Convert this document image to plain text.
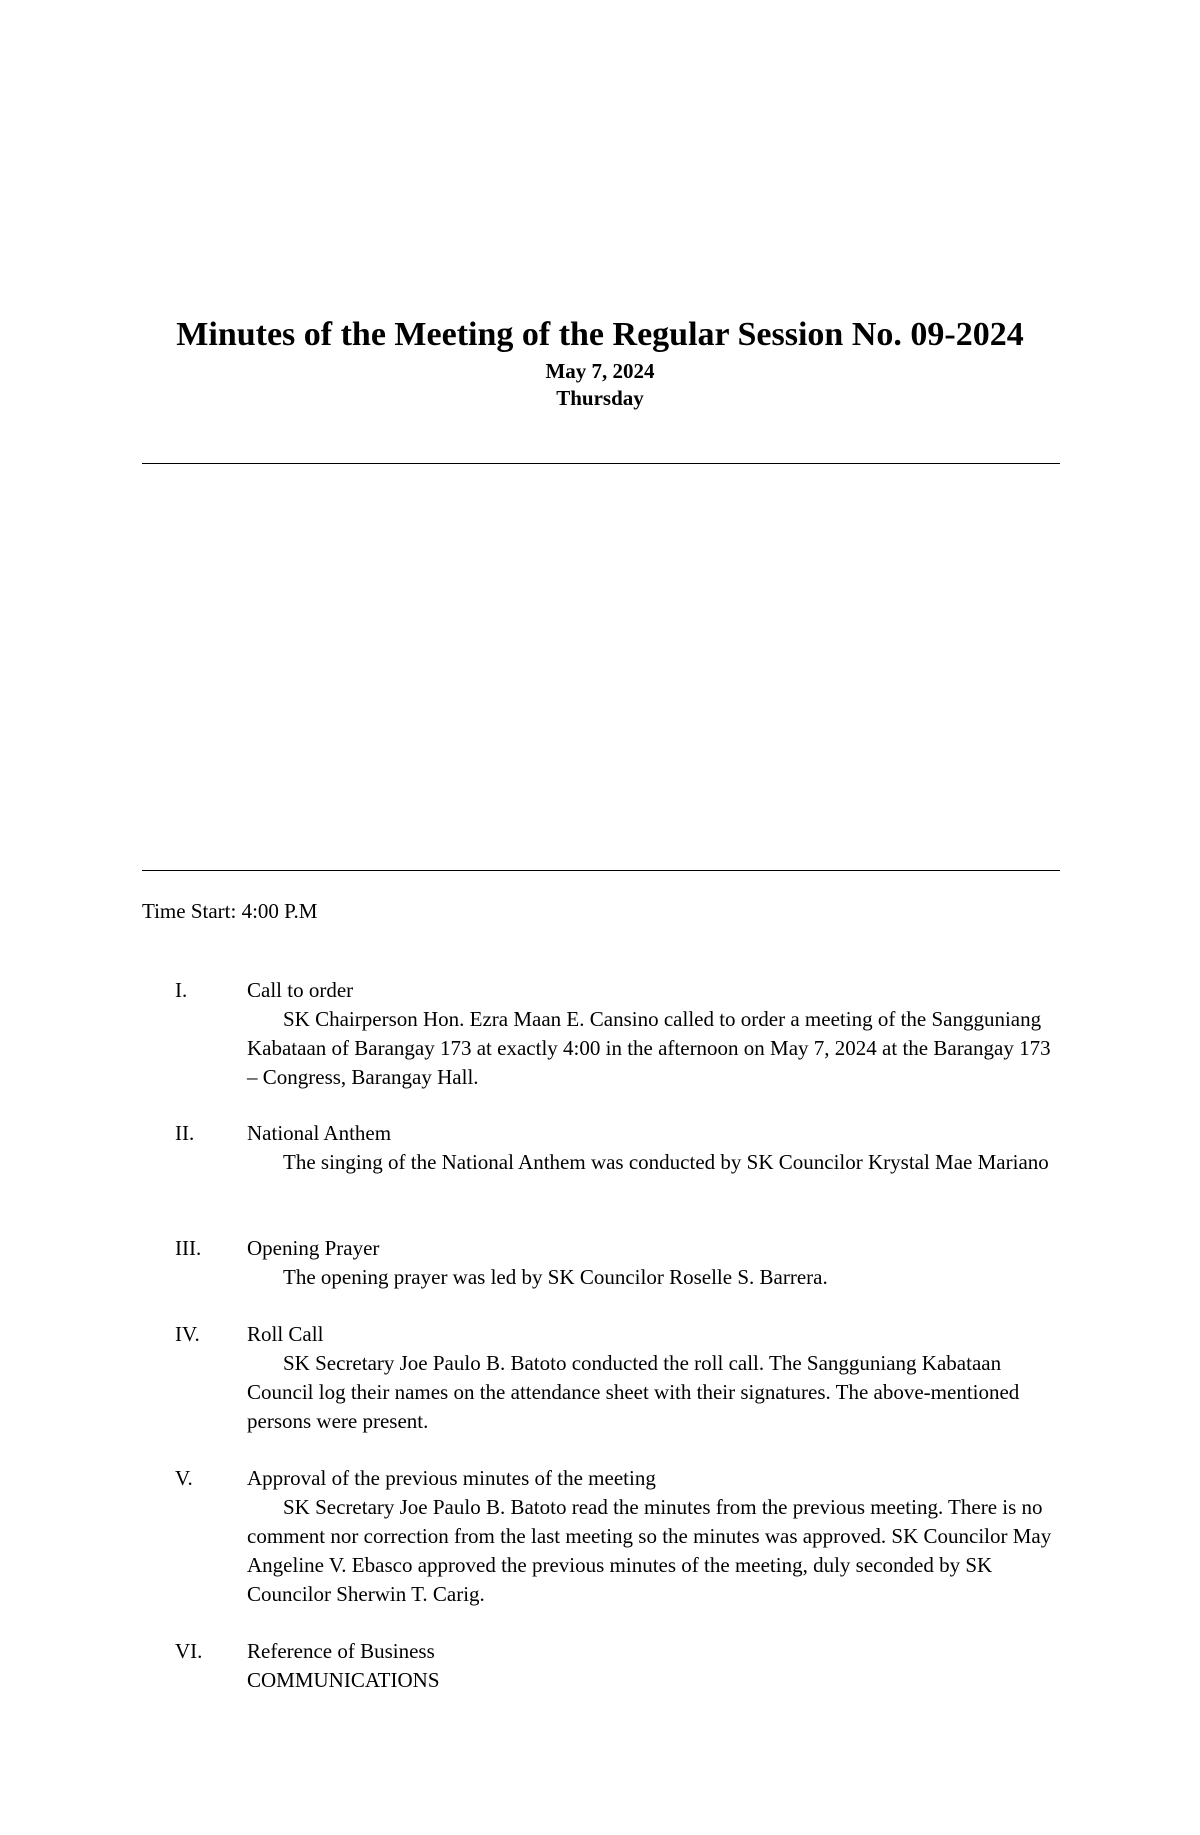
Minutes of the Meeting of the Regular Session No. 09-2024
May 7, 2024
Thursday
Time Start: 4:00 P.M
I.	Call to order
SK Chairperson Hon. Ezra Maan E. Cansino called to order a meeting of the Sangguniang Kabataan of Barangay 173 at exactly 4:00 in the afternoon on May 7, 2024 at the Barangay 173 – Congress, Barangay Hall.
II.	National Anthem
The singing of the National Anthem was conducted by SK Councilor Krystal Mae Mariano
III. Opening Prayer
The opening prayer was led by SK Councilor Roselle S. Barrera.
IV. Roll Call
SK Secretary Joe Paulo B. Batoto conducted the roll call. The Sangguniang Kabataan Council log their names on the attendance sheet with their signatures. The above-mentioned persons were present.
V.	Approval of the previous minutes of the meeting
SK Secretary Joe Paulo B. Batoto read the minutes from the previous meeting. There is no comment nor correction from the last meeting so the minutes was approved. SK Councilor May Angeline V. Ebasco approved the previous minutes of the meeting, duly seconded by SK Councilor Sherwin T. Carig.
VI. Reference of Business
COMMUNICATIONS
